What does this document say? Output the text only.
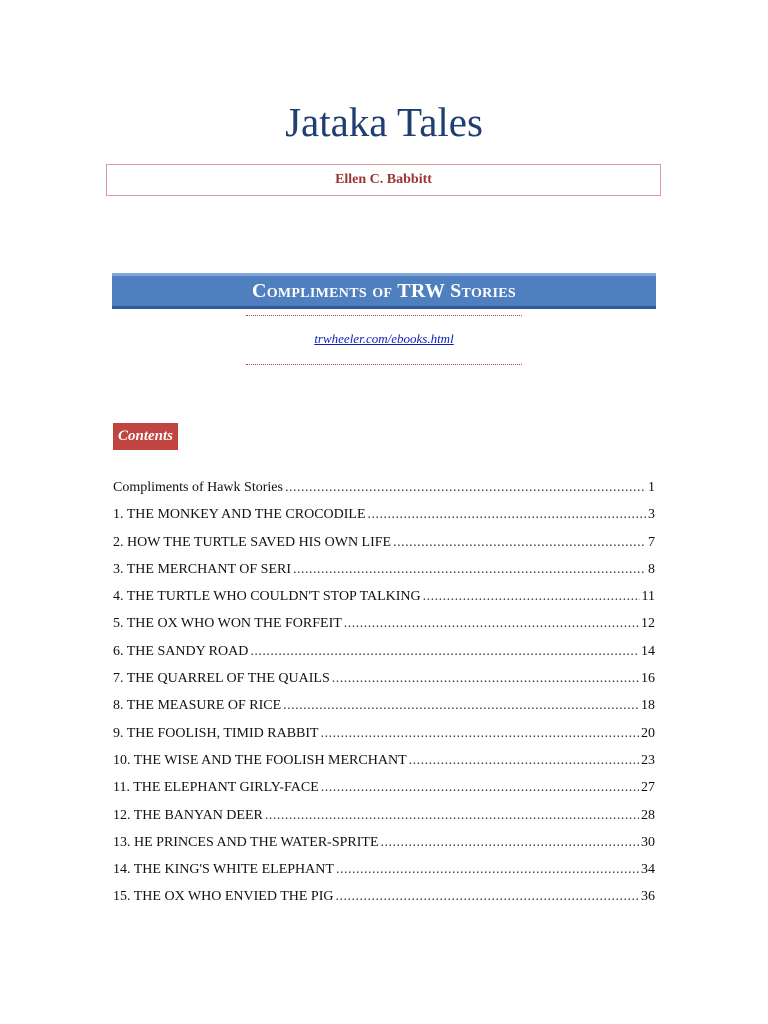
Jataka Tales
Ellen C. Babbitt
Compliments of TRW Stories
trwheeler.com/ebooks.html
Contents
Compliments of Hawk Stories .....	1
1. THE MONKEY AND THE CROCODILE .....	3
2. HOW THE TURTLE SAVED HIS OWN LIFE .....	7
3. THE MERCHANT OF SERI .....	8
4. THE TURTLE WHO COULDN'T STOP TALKING .....	11
5. THE OX WHO WON THE FORFEIT .....	12
6. THE SANDY ROAD .....	14
7. THE QUARREL OF THE QUAILS .....	16
8. THE MEASURE OF RICE .....	18
9. THE FOOLISH, TIMID RABBIT .....	20
10. THE WISE AND THE FOOLISH MERCHANT .....	23
11. THE ELEPHANT GIRLY-FACE .....	27
12. THE BANYAN DEER .....	28
13. HE PRINCES AND THE WATER-SPRITE .....	30
14. THE KING'S WHITE ELEPHANT .....	34
15. THE OX WHO ENVIED THE PIG .....	36
